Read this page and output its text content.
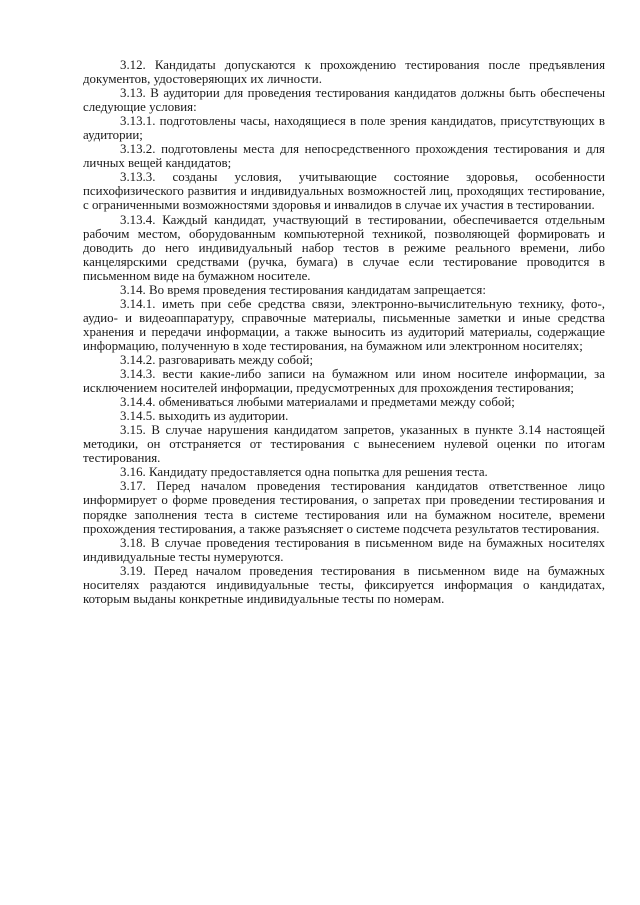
3.12. Кандидаты допускаются к прохождению тестирования после предъявления документов, удостоверяющих их личности.

3.13. В аудитории для проведения тестирования кандидатов должны быть обеспечены следующие условия:

3.13.1. подготовлены часы, находящиеся в поле зрения кандидатов, присутствующих в аудитории;

3.13.2. подготовлены места для непосредственного прохождения тестирования и для личных вещей кандидатов;

3.13.3. созданы условия, учитывающие состояние здоровья, особенности психофизического развития и индивидуальных возможностей лиц, проходящих тестирование, с ограниченными возможностями здоровья и инвалидов в случае их участия в тестировании.

3.13.4. Каждый кандидат, участвующий в тестировании, обеспечивается отдельным рабочим местом, оборудованным компьютерной техникой, позволяющей формировать и доводить до него индивидуальный набор тестов в режиме реального времени, либо канцелярскими средствами (ручка, бумага) в случае если тестирование проводится в письменном виде на бумажном носителе.

3.14. Во время проведения тестирования кандидатам запрещается:

3.14.1. иметь при себе средства связи, электронно-вычислительную технику, фото-, аудио- и видеоаппаратуру, справочные материалы, письменные заметки и иные средства хранения и передачи информации, а также выносить из аудиторий материалы, содержащие информацию, полученную в ходе тестирования, на бумажном или электронном носителях;

3.14.2. разговаривать между собой;

3.14.3. вести какие-либо записи на бумажном или ином носителе информации, за исключением носителей информации, предусмотренных для прохождения тестирования;

3.14.4. обмениваться любыми материалами и предметами между собой;

3.14.5. выходить из аудитории.

3.15. В случае нарушения кандидатом запретов, указанных в пункте 3.14 настоящей методики, он отстраняется от тестирования с вынесением нулевой оценки по итогам тестирования.

3.16. Кандидату предоставляется одна попытка для решения теста.

3.17. Перед началом проведения тестирования кандидатов ответственное лицо информирует о форме проведения тестирования, о запретах при проведении тестирования и порядке заполнения теста в системе тестирования или на бумажном носителе, времени прохождения тестирования, а также разъясняет о системе подсчета результатов тестирования.

3.18. В случае проведения тестирования в письменном виде на бумажных носителях индивидуальные тесты нумеруются.

3.19. Перед началом проведения тестирования в письменном виде на бумажных носителях раздаются индивидуальные тесты, фиксируется информация о кандидатах, которым выданы конкретные индивидуальные тесты по номерам.
